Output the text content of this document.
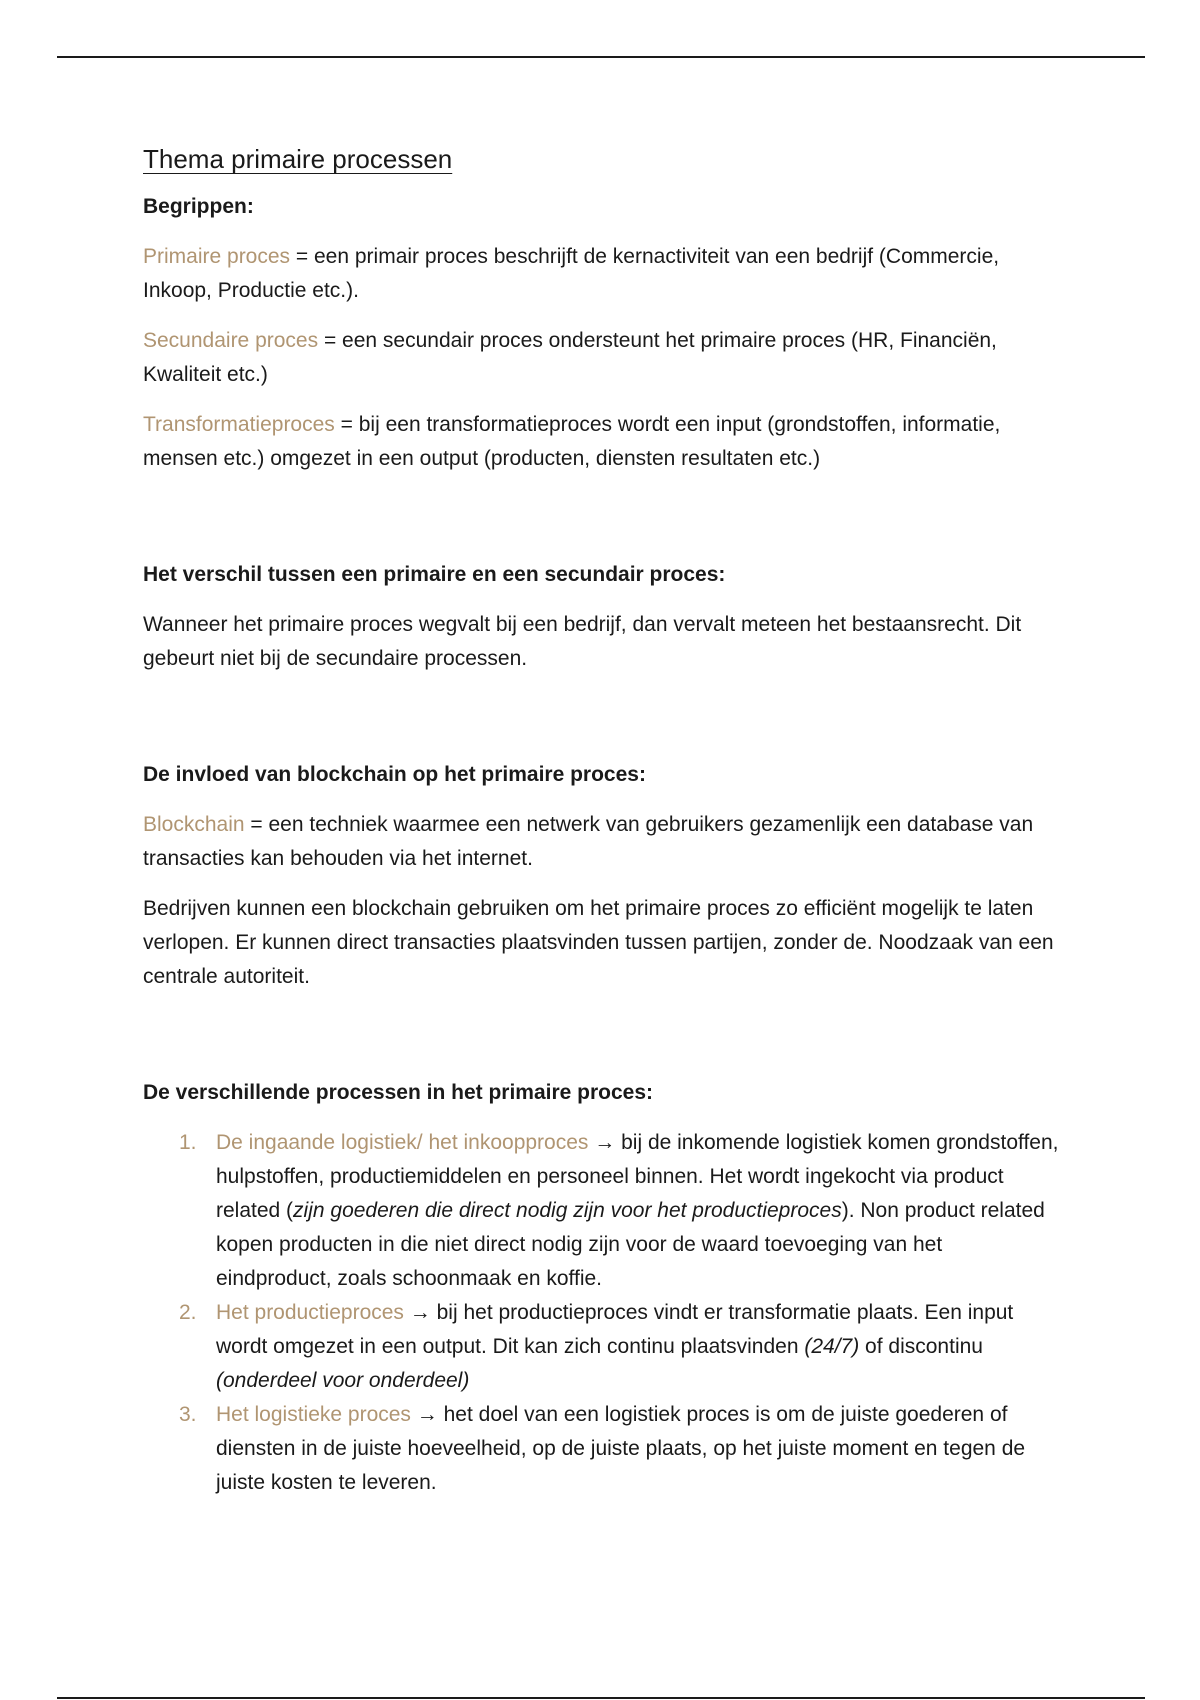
Thema primaire processen
Begrippen:

Primaire proces = een primair proces beschrijft de kernactiviteit van een bedrijf (Commercie, Inkoop, Productie etc.).

Secundaire proces = een secundair proces ondersteunt het primaire proces (HR, Financiën, Kwaliteit etc.)

Transformatieproces = bij een transformatieproces wordt een input (grondstoffen, informatie, mensen etc.) omgezet in een output (producten, diensten resultaten etc.)

Het verschil tussen een primaire en een secundair proces:

Wanneer het primaire proces wegvalt bij een bedrijf, dan vervalt meteen het bestaansrecht. Dit gebeurt niet bij de secundaire processen.

De invloed van blockchain op het primaire proces:

Blockchain = een techniek waarmee een netwerk van gebruikers gezamenlijk een database van transacties kan behouden via het internet.

Bedrijven kunnen een blockchain gebruiken om het primaire proces zo efficiënt mogelijk te laten verlopen. Er kunnen direct transacties plaatsvinden tussen partijen, zonder de. Noodzaak van een centrale autoriteit.

De verschillende processen in het primaire proces:
1. De ingaande logistiek/ het inkoopproces → bij de inkomende logistiek komen grondstoffen, hulpstoffen, productiemiddelen en personeel binnen. Het wordt ingekocht via product related (zijn goederen die direct nodig zijn voor het productieproces). Non product related kopen producten in die niet direct nodig zijn voor de waard toevoeging van het eindproduct, zoals schoonmaak en koffie.
2. Het productieproces → bij het productieproces vindt er transformatie plaats. Een input wordt omgezet in een output. Dit kan zich continu plaatsvinden (24/7) of discontinu (onderdeel voor onderdeel)
3. Het logistieke proces → het doel van een logistiek proces is om de juiste goederen of diensten in de juiste hoeveelheid, op de juiste plaats, op het juiste moment en tegen de juiste kosten te leveren.
